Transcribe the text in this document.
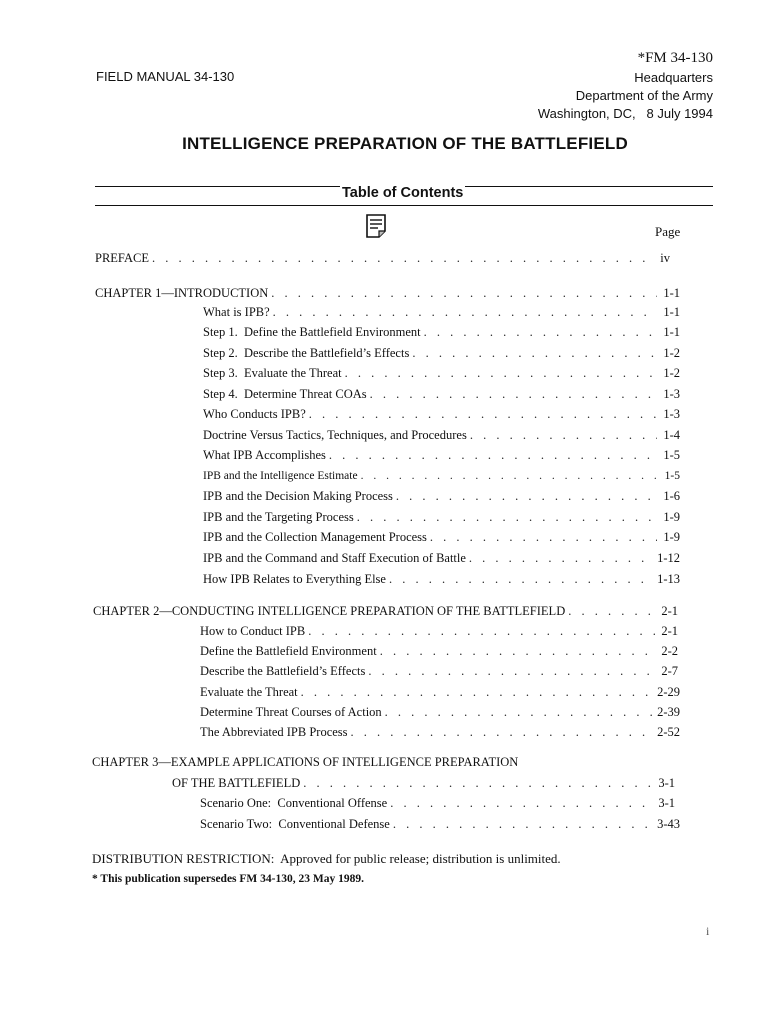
*FM 34-130
FIELD MANUAL 34-130	Headquarters
Department of the Army
Washington, DC,   8 July 1994
INTELLIGENCE PREPARATION OF THE BATTLEFIELD
Table of Contents
Page
PREFACE . . .	iv
CHAPTER 1—INTRODUCTION . . .	1-1
What is IPB? . . .	1-1
Step 1.  Define the Battlefield Environment . . .	1-1
Step 2.  Describe the Battlefield’s Effects . . .	1-2
Step 3.  Evaluate the Threat . . .	1-2
Step 4.  Determine Threat COAs . . .	1-3
Who Conducts IPB? . . .	1-3
Doctrine Versus Tactics, Techniques, and Procedures . . .	1-4
What IPB Accomplishes . . .	1-5
IPB and the Intelligence Estimate . . .	1-5
IPB and the Decision Making Process . . .	1-6
IPB and the Targeting Process . . .	1-9
IPB and the Collection Management Process . . .	1-9
IPB and the Command and Staff Execution of Battle . . .	1-12
How IPB Relates to Everything Else . . .	1-13
CHAPTER 2—CONDUCTING INTELLIGENCE PREPARATION OF THE BATTLEFIELD . . .	2-1
How to Conduct IPB . . .	2-1
Define the Battlefield Environment . . .	2-2
Describe the Battlefield’s Effects . . .	2-7
Evaluate the Threat . . .	2-29
Determine Threat Courses of Action . . .	2-39
The Abbreviated IPB Process . . .	2-52
CHAPTER 3—EXAMPLE APPLICATIONS OF INTELLIGENCE PREPARATION
OF THE BATTLEFIELD . . .	3-1
Scenario One:  Conventional Offense . . .	3-1
Scenario Two:  Conventional Defense . . .	3-43
DISTRIBUTION RESTRICTION:  Approved for public release; distribution is unlimited.
* This publication supersedes FM 34-130, 23 May 1989.
i
